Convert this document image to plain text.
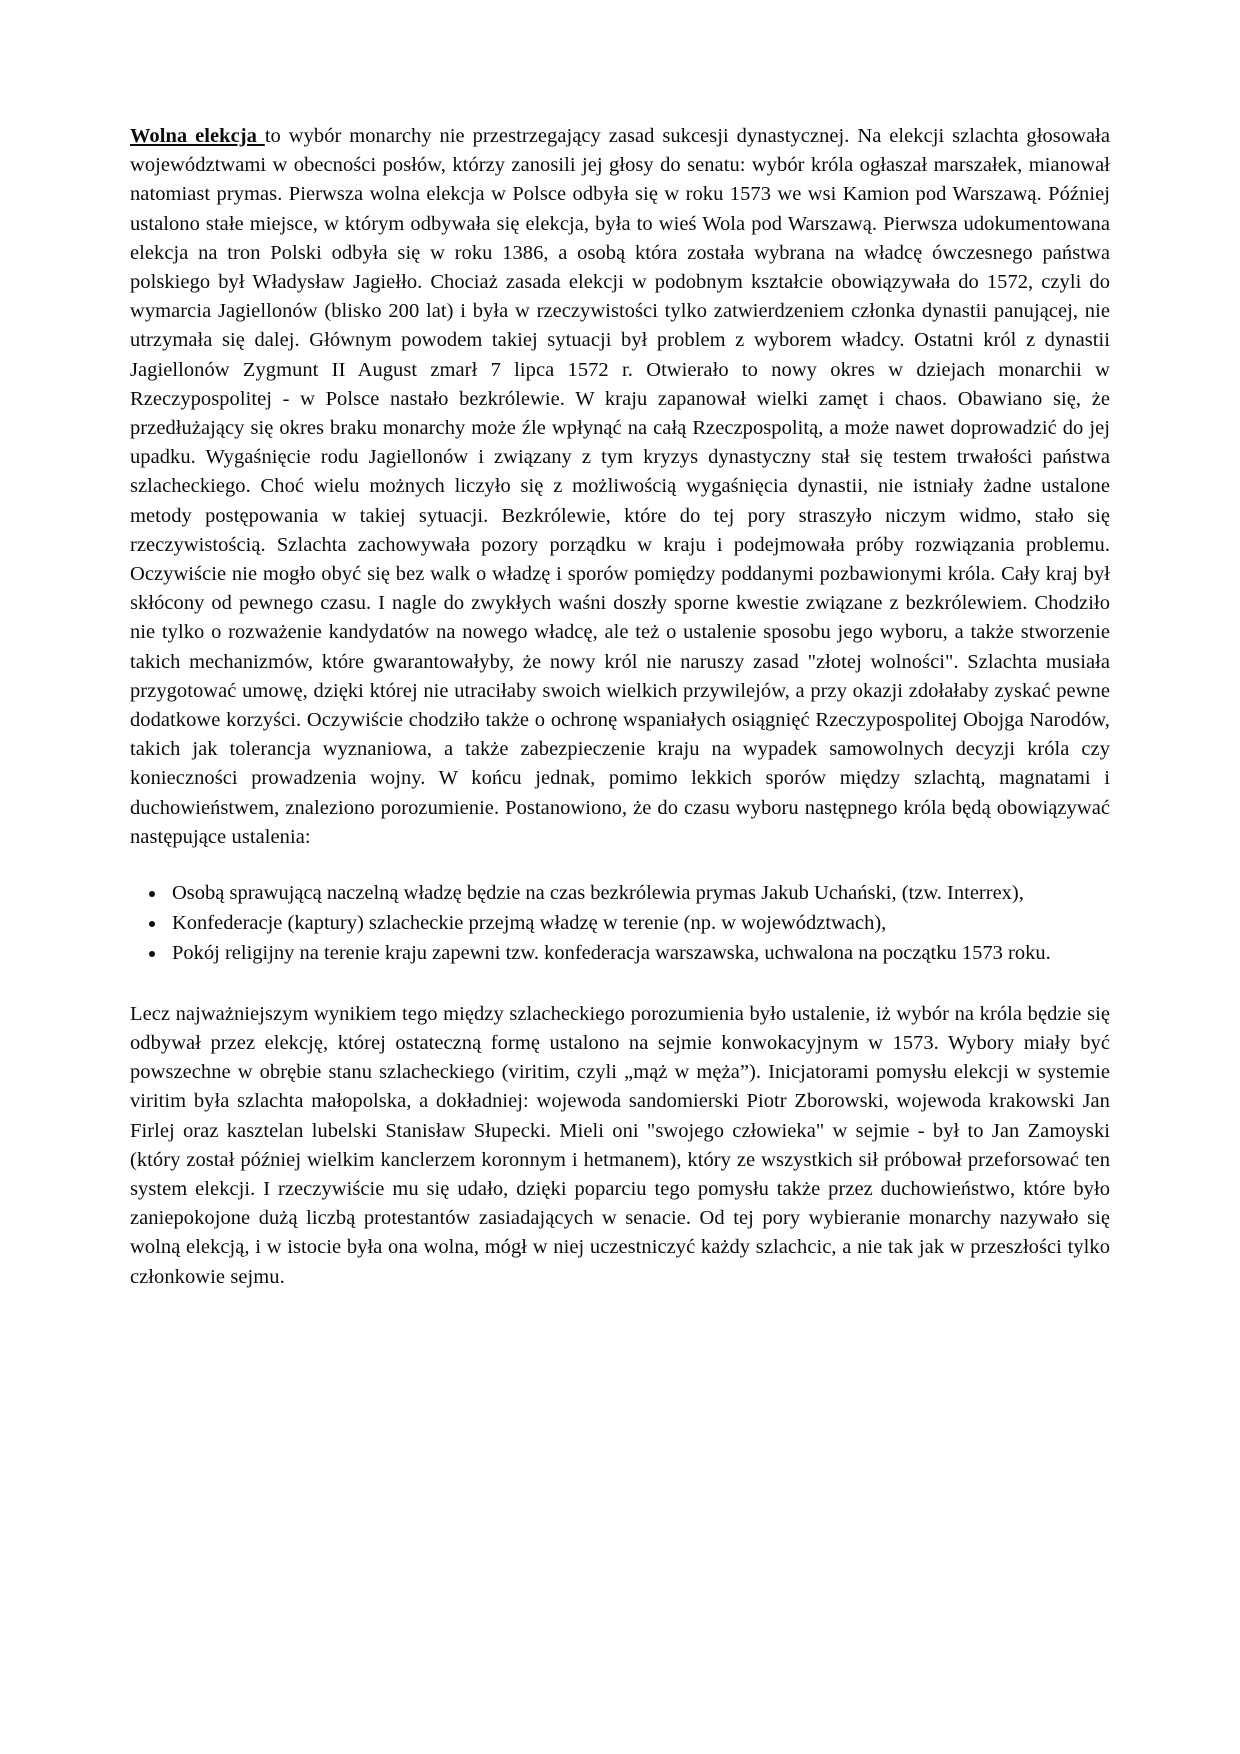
Wolna elekcja to wybór monarchy nie przestrzegający zasad sukcesji dynastycznej. Na elekcji szlachta głosowała województwami w obecności posłów, którzy zanosili jej głosy do senatu: wybór króla ogłaszał marszałek, mianował natomiast prymas. Pierwsza wolna elekcja w Polsce odbyła się w roku 1573 we wsi Kamion pod Warszawą. Później ustalono stałe miejsce, w którym odbywała się elekcja, była to wieś Wola pod Warszawą. Pierwsza udokumentowana elekcja na tron Polski odbyła się w roku 1386, a osobą która została wybrana na władcę ówczesnego państwa polskiego był Władysław Jagiełło. Chociaż zasada elekcji w podobnym kształcie obowiązywała do 1572, czyli do wymarcia Jagiellonów (blisko 200 lat) i była w rzeczywistości tylko zatwierdzeniem członka dynastii panującej, nie utrzymała się dalej. Głównym powodem takiej sytuacji był problem z wyborem władcy. Ostatni król z dynastii Jagiellonów Zygmunt II August zmarł 7 lipca 1572 r. Otwierało to nowy okres w dziejach monarchii w Rzeczypospolitej - w Polsce nastało bezkrólewie. W kraju zapanował wielki zamęt i chaos. Obawiano się, że przedłużający się okres braku monarchy może źle wpłynąć na całą Rzeczpospolitą, a może nawet doprowadzić do jej upadku. Wygaśnięcie rodu Jagiellonów i związany z tym kryzys dynastyczny stał się testem trwałości państwa szlacheckiego. Choć wielu możnych liczyło się z możliwością wygaśnięcia dynastii, nie istniały żadne ustalone metody postępowania w takiej sytuacji. Bezkrólewie, które do tej pory straszyło niczym widmo, stało się rzeczywistością. Szlachta zachowywała pozory porządku w kraju i podejmowała próby rozwiązania problemu. Oczywiście nie mogło obyć się bez walk o władzę i sporów pomiędzy poddanymi pozbawionymi króla. Cały kraj był skłócony od pewnego czasu. I nagle do zwykłych waśni doszły sporne kwestie związane z bezkrólewiem. Chodziło nie tylko o rozważenie kandydatów na nowego władcę, ale też o ustalenie sposobu jego wyboru, a także stworzenie takich mechanizmów, które gwarantowałyby, że nowy król nie naruszy zasad "złotej wolności". Szlachta musiała przygotować umowę, dzięki której nie utraciłaby swoich wielkich przywilejów, a przy okazji zdołałaby zyskać pewne dodatkowe korzyści. Oczywiście chodziło także o ochronę wspaniałych osiągnięć Rzeczypospolitej Obojga Narodów, takich jak tolerancja wyznaniowa, a także zabezpieczenie kraju na wypadek samowolnych decyzji króla czy konieczności prowadzenia wojny. W końcu jednak, pomimo lekkich sporów między szlachtą, magnatami i duchowieństwem, znaleziono porozumienie. Postanowiono, że do czasu wyboru następnego króla będą obowiązywać następujące ustalenia:

Osobą sprawującą naczelną władzę będzie na czas bezkrólewia prymas Jakub Uchański, (tzw. Interrex),
Konfederacje (kaptury) szlacheckie przejmą władzę w terenie (np. w województwach),
Pokój religijny na terenie kraju zapewni tzw. konfederacja warszawska, uchwalona na początku 1573 roku.

Lecz najważniejszym wynikiem tego między szlacheckiego porozumienia było ustalenie, iż wybór na króla będzie się odbywał przez elekcję, której ostateczną formę ustalono na sejmie konwokacyjnym w 1573. Wybory miały być powszechne w obrębie stanu szlacheckiego (viritim, czyli „mąż w męża”). Inicjatorami pomysłu elekcji w systemie viritim była szlachta małopolska, a dokładniej: wojewoda sandomierski Piotr Zborowski, wojewoda krakowski Jan Firlej oraz kasztelan lubelski Stanisław Słupecki. Mieli oni "swojego człowieka" w sejmie - był to Jan Zamoyski (który został później wielkim kanclerzem koronnym i hetmanem), który ze wszystkich sił próbował przeforsować ten system elekcji. I rzeczywiście mu się udało, dzięki poparciu tego pomysłu także przez duchowieństwo, które było zaniepokojone dużą liczbą protestantów zasiadających w senacie. Od tej pory wybieranie monarchy nazywało się wolną elekcją, i w istocie była ona wolna, mógł w niej uczestniczyć każdy szlachcic, a nie tak jak w przeszłości tylko członkowie sejmu.
